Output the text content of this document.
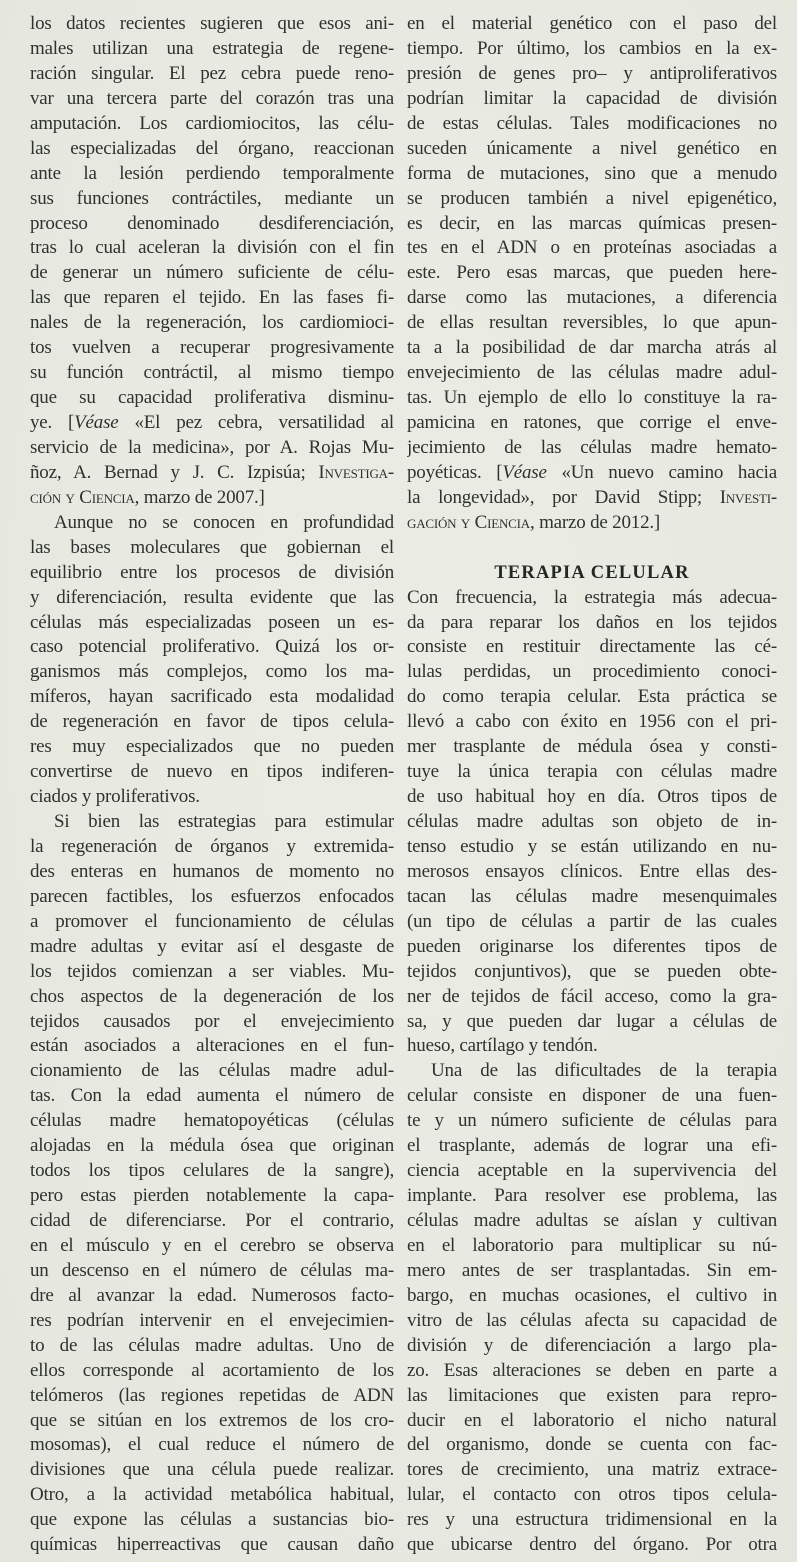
los datos recientes sugieren que esos ani-
males utilizan una estrategia de regene-
ración singular. El pez cebra puede reno-
var una tercera parte del corazón tras una
amputación. Los cardiomiocitos, las célu-
las especializadas del órgano, reaccionan
ante la lesión perdiendo temporalmente
sus funciones contráctiles, mediante un
proceso denominado desdiferenciación,
tras lo cual aceleran la división con el fin
de generar un número suficiente de célu-
las que reparen el tejido. En las fases fi-
nales de la regeneración, los cardiomioci-
tos vuelven a recuperar progresivamente
su función contráctil, al mismo tiempo
que su capacidad proliferativa disminu-
ye. [Véase «El pez cebra, versatilidad al
servicio de la medicina», por A. Rojas Mu-
ñoz, A. Bernad y J. C. Izpisúa; Investiga-
ción y Ciencia, marzo de 2007.]
Aunque no se conocen en profundidad
las bases moleculares que gobiernan el
equilibrio entre los procesos de división
y diferenciación, resulta evidente que las
células más especializadas poseen un es-
caso potencial proliferativo. Quizá los or-
ganismos más complejos, como los ma-
míferos, hayan sacrificado esta modalidad
de regeneración en favor de tipos celula-
res muy especializados que no pueden
convertirse de nuevo en tipos indiferen-
ciados y proliferativos.
Si bien las estrategias para estimular
la regeneración de órganos y extremida-
des enteras en humanos de momento no
parecen factibles, los esfuerzos enfocados
a promover el funcionamiento de células
madre adultas y evitar así el desgaste de
los tejidos comienzan a ser viables. Mu-
chos aspectos de la degeneración de los
tejidos causados por el envejecimiento
están asociados a alteraciones en el fun-
cionamiento de las células madre adul-
tas. Con la edad aumenta el número de
células madre hematopoyéticas (células
alojadas en la médula ósea que originan
todos los tipos celulares de la sangre),
pero estas pierden notablemente la capa-
cidad de diferenciarse. Por el contrario,
en el músculo y en el cerebro se observa
un descenso en el número de células ma-
dre al avanzar la edad. Numerosos facto-
res podrían intervenir en el envejecimien-
to de las células madre adultas. Uno de
ellos corresponde al acortamiento de los
telómeros (las regiones repetidas de ADN
que se sitúan en los extremos de los cro-
mosomas), el cual reduce el número de
divisiones que una célula puede realizar.
Otro, a la actividad metabólica habitual,
que expone las células a sustancias bio-
químicas hiperreactivas que causan daño
en el material genético con el paso del
tiempo. Por último, los cambios en la ex-
presión de genes pro– y antiproliferativos
podrían limitar la capacidad de división
de estas células. Tales modificaciones no
suceden únicamente a nivel genético en
forma de mutaciones, sino que a menudo
se producen también a nivel epigenético,
es decir, en las marcas químicas presen-
tes en el ADN o en proteínas asociadas a
este. Pero esas marcas, que pueden here-
darse como las mutaciones, a diferencia
de ellas resultan reversibles, lo que apun-
ta a la posibilidad de dar marcha atrás al
envejecimiento de las células madre adul-
tas. Un ejemplo de ello lo constituye la ra-
pamicina en ratones, que corrige el enve-
jecimiento de las células madre hemato-
poyéticas. [Véase «Un nuevo camino hacia
la longevidad», por David Stipp; Investi-
gación y Ciencia, marzo de 2012.]
TERAPIA CELULAR
Con frecuencia, la estrategia más adecua-
da para reparar los daños en los tejidos
consiste en restituir directamente las cé-
lulas perdidas, un procedimiento conoci-
do como terapia celular. Esta práctica se
llevó a cabo con éxito en 1956 con el pri-
mer trasplante de médula ósea y consti-
tuye la única terapia con células madre
de uso habitual hoy en día. Otros tipos de
células madre adultas son objeto de in-
tenso estudio y se están utilizando en nu-
merosos ensayos clínicos. Entre ellas des-
tacan las células madre mesenquimales
(un tipo de células a partir de las cuales
pueden originarse los diferentes tipos de
tejidos conjuntivos), que se pueden obte-
ner de tejidos de fácil acceso, como la gra-
sa, y que pueden dar lugar a células de
hueso, cartílago y tendón.
Una de las dificultades de la terapia
celular consiste en disponer de una fuen-
te y un número suficiente de células para
el trasplante, además de lograr una efi-
ciencia aceptable en la supervivencia del
implante. Para resolver ese problema, las
células madre adultas se aíslan y cultivan
en el laboratorio para multiplicar su nú-
mero antes de ser trasplantadas. Sin em-
bargo, en muchas ocasiones, el cultivo in
vitro de las células afecta su capacidad de
división y de diferenciación a largo pla-
zo. Esas alteraciones se deben en parte a
las limitaciones que existen para repro-
ducir en el laboratorio el nicho natural
del organismo, donde se cuenta con fac-
tores de crecimiento, una matriz extrace-
lular, el contacto con otros tipos celula-
res y una estructura tridimensional en la
que ubicarse dentro del órgano. Por otra
